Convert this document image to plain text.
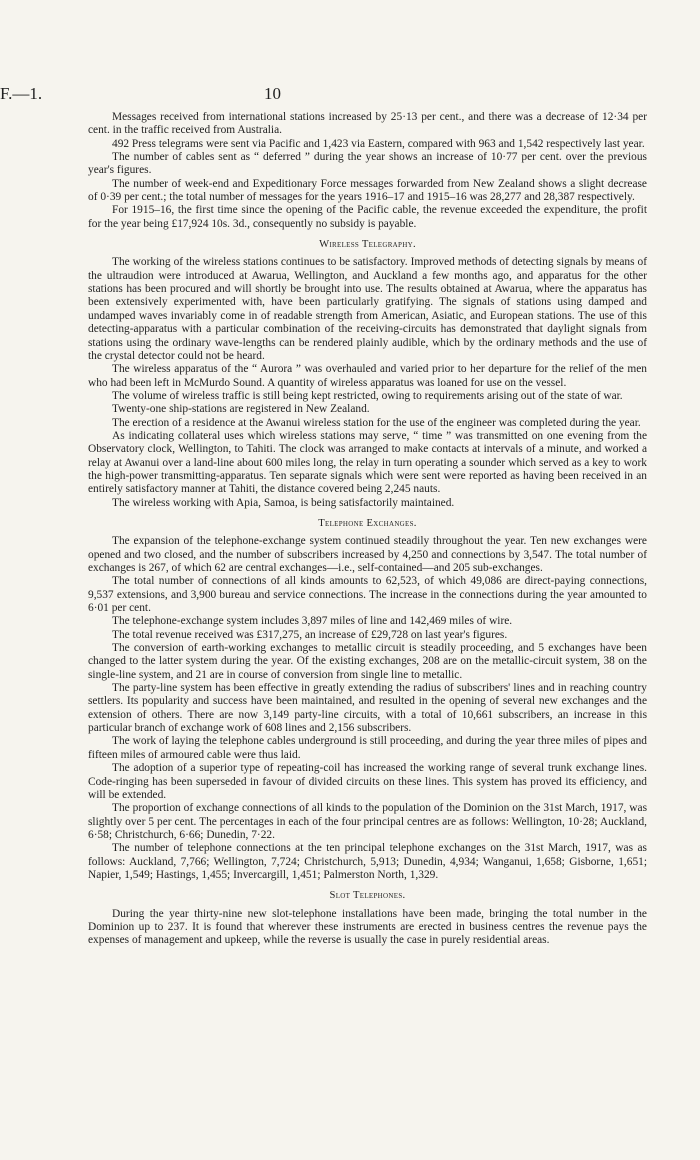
F.—1.	10

Messages received from international stations increased by 25·13 per cent., and there was a decrease of 12·34 per cent. in the traffic received from Australia.

492 Press telegrams were sent via Pacific and 1,423 via Eastern, compared with 963 and 1,542 respectively last year.

The number of cables sent as “ deferred ” during the year shows an increase of 10·77 per cent. over the previous year's figures.

The number of week-end and Expeditionary Force messages forwarded from New Zealand shows a slight decrease of 0·39 per cent.; the total number of messages for the years 1916–17 and 1915–16 was 28,277 and 28,387 respectively.

For 1915–16, the first time since the opening of the Pacific cable, the revenue exceeded the expenditure, the profit for the year being £17,924 10s. 3d., consequently no subsidy is payable.

Wireless Telegraphy.

The working of the wireless stations continues to be satisfactory. Improved methods of detecting signals by means of the ultraudion were introduced at Awarua, Wellington, and Auckland a few months ago, and apparatus for the other stations has been procured and will shortly be brought into use. The results obtained at Awarua, where the apparatus has been extensively experimented with, have been particularly gratifying. The signals of stations using damped and undamped waves invariably come in of readable strength from American, Asiatic, and European stations. The use of this detecting-apparatus with a particular combination of the receiving-circuits has demonstrated that daylight signals from stations using the ordinary wave-lengths can be rendered plainly audible, which by the ordinary methods and the use of the crystal detector could not be heard.

The wireless apparatus of the “ Aurora ” was overhauled and varied prior to her departure for the relief of the men who had been left in McMurdo Sound. A quantity of wireless apparatus was loaned for use on the vessel.

The volume of wireless traffic is still being kept restricted, owing to requirements arising out of the state of war.

Twenty-one ship-stations are registered in New Zealand.

The erection of a residence at the Awanui wireless station for the use of the engineer was completed during the year.

As indicating collateral uses which wireless stations may serve, “ time ” was transmitted on one evening from the Observatory clock, Wellington, to Tahiti. The clock was arranged to make contacts at intervals of a minute, and worked a relay at Awanui over a land-line about 600 miles long, the relay in turn operating a sounder which served as a key to work the high-power transmitting-apparatus. Ten separate signals which were sent were reported as having been received in an entirely satisfactory manner at Tahiti, the distance covered being 2,245 nauts.

The wireless working with Apia, Samoa, is being satisfactorily maintained.

Telephone Exchanges.

The expansion of the telephone-exchange system continued steadily throughout the year. Ten new exchanges were opened and two closed, and the number of subscribers increased by 4,250 and connections by 3,547. The total number of exchanges is 267, of which 62 are central exchanges—i.e., self-contained—and 205 sub-exchanges.

The total number of connections of all kinds amounts to 62,523, of which 49,086 are direct-paying connections, 9,537 extensions, and 3,900 bureau and service connections. The increase in the connections during the year amounted to 6·01 per cent.

The telephone-exchange system includes 3,897 miles of line and 142,469 miles of wire.

The total revenue received was £317,275, an increase of £29,728 on last year's figures.

The conversion of earth-working exchanges to metallic circuit is steadily proceeding, and 5 exchanges have been changed to the latter system during the year. Of the existing exchanges, 208 are on the metallic-circuit system, 38 on the single-line system, and 21 are in course of conversion from single line to metallic.

The party-line system has been effective in greatly extending the radius of subscribers' lines and in reaching country settlers. Its popularity and success have been maintained, and resulted in the opening of several new exchanges and the extension of others. There are now 3,149 party-line circuits, with a total of 10,661 subscribers, an increase in this particular branch of exchange work of 608 lines and 2,156 subscribers.

The work of laying the telephone cables underground is still proceeding, and during the year three miles of pipes and fifteen miles of armoured cable were thus laid.

The adoption of a superior type of repeating-coil has increased the working range of several trunk exchange lines. Code-ringing has been superseded in favour of divided circuits on these lines. This system has proved its efficiency, and will be extended.

The proportion of exchange connections of all kinds to the population of the Dominion on the 31st March, 1917, was slightly over 5 per cent. The percentages in each of the four principal centres are as follows: Wellington, 10·28; Auckland, 6·58; Christchurch, 6·66; Dunedin, 7·22.

The number of telephone connections at the ten principal telephone exchanges on the 31st March, 1917, was as follows: Auckland, 7,766; Wellington, 7,724; Christchurch, 5,913; Dunedin, 4,934; Wanganui, 1,658; Gisborne, 1,651; Napier, 1,549; Hastings, 1,455; Invercargill, 1,451; Palmerston North, 1,329.

Slot Telephones.

During the year thirty-nine new slot-telephone installations have been made, bringing the total number in the Dominion up to 237. It is found that wherever these instruments are erected in business centres the revenue pays the expenses of management and upkeep, while the reverse is usually the case in purely residential areas.
